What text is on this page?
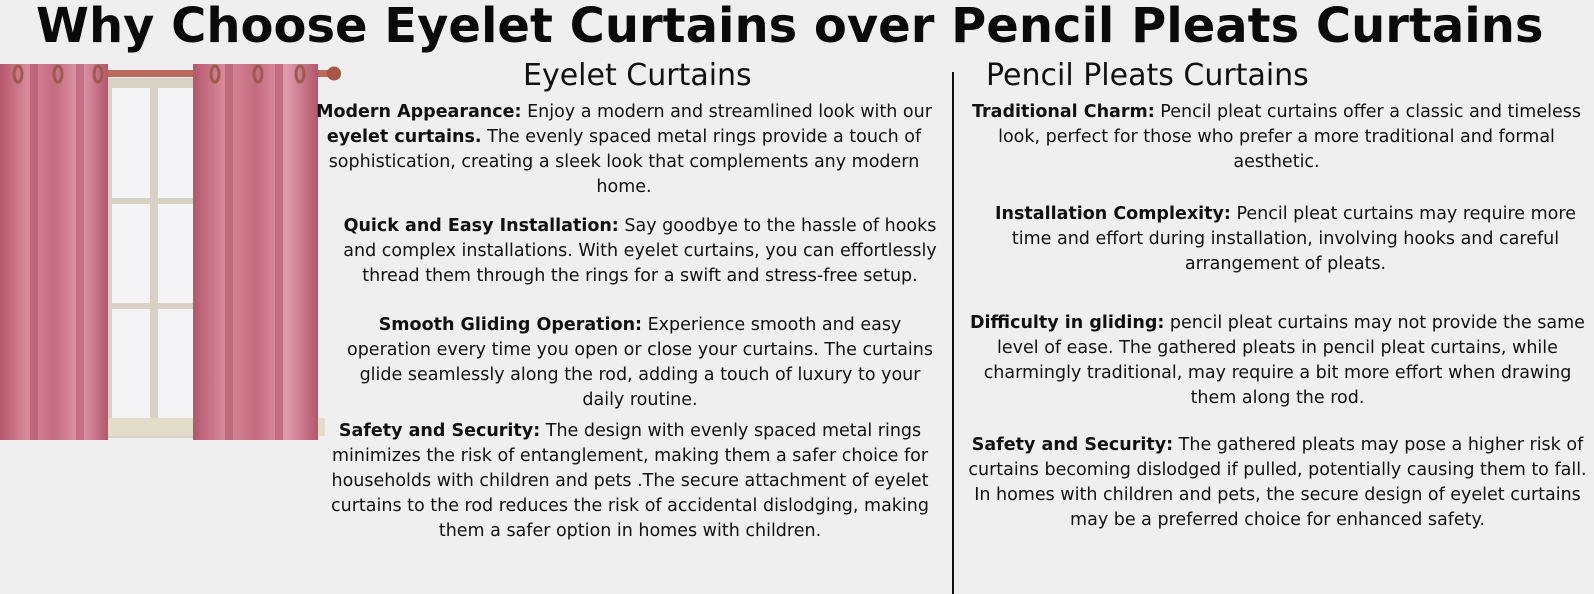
Why Choose Eyelet Curtains over Pencil Pleats Curtains
Eyelet Curtains

Modern Appearance: Enjoy a modern and streamlined look with our eyelet curtains. The evenly spaced metal rings provide a touch of sophistication, creating a sleek look that complements any modern home.

Quick and Easy Installation: Say goodbye to the hassle of hooks and complex installations. With eyelet curtains, you can effortlessly thread them through the rings for a swift and stress-free setup.

Smooth Gliding Operation: Experience smooth and easy operation every time you open or close your curtains. The curtains glide seamlessly along the rod, adding a touch of luxury to your daily routine.

Safety and Security: The design with evenly spaced metal rings minimizes the risk of entanglement, making them a safer choice for households with children and pets .The secure attachment of eyelet curtains to the rod reduces the risk of accidental dislodging, making them a safer option in homes with children.

Pencil Pleats Curtains

Traditional Charm: Pencil pleat curtains offer a classic and timeless look, perfect for those who prefer a more traditional and formal aesthetic.

Installation Complexity: Pencil pleat curtains may require more time and effort during installation, involving hooks and careful arrangement of pleats.

Difficulty in gliding: pencil pleat curtains may not provide the same level of ease. The gathered pleats in pencil pleat curtains, while charmingly traditional, may require a bit more effort when drawing them along the rod.

Safety and Security: The gathered pleats may pose a higher risk of curtains becoming dislodged if pulled, potentially causing them to fall. In homes with children and pets, the secure design of eyelet curtains may be a preferred choice for enhanced safety.
